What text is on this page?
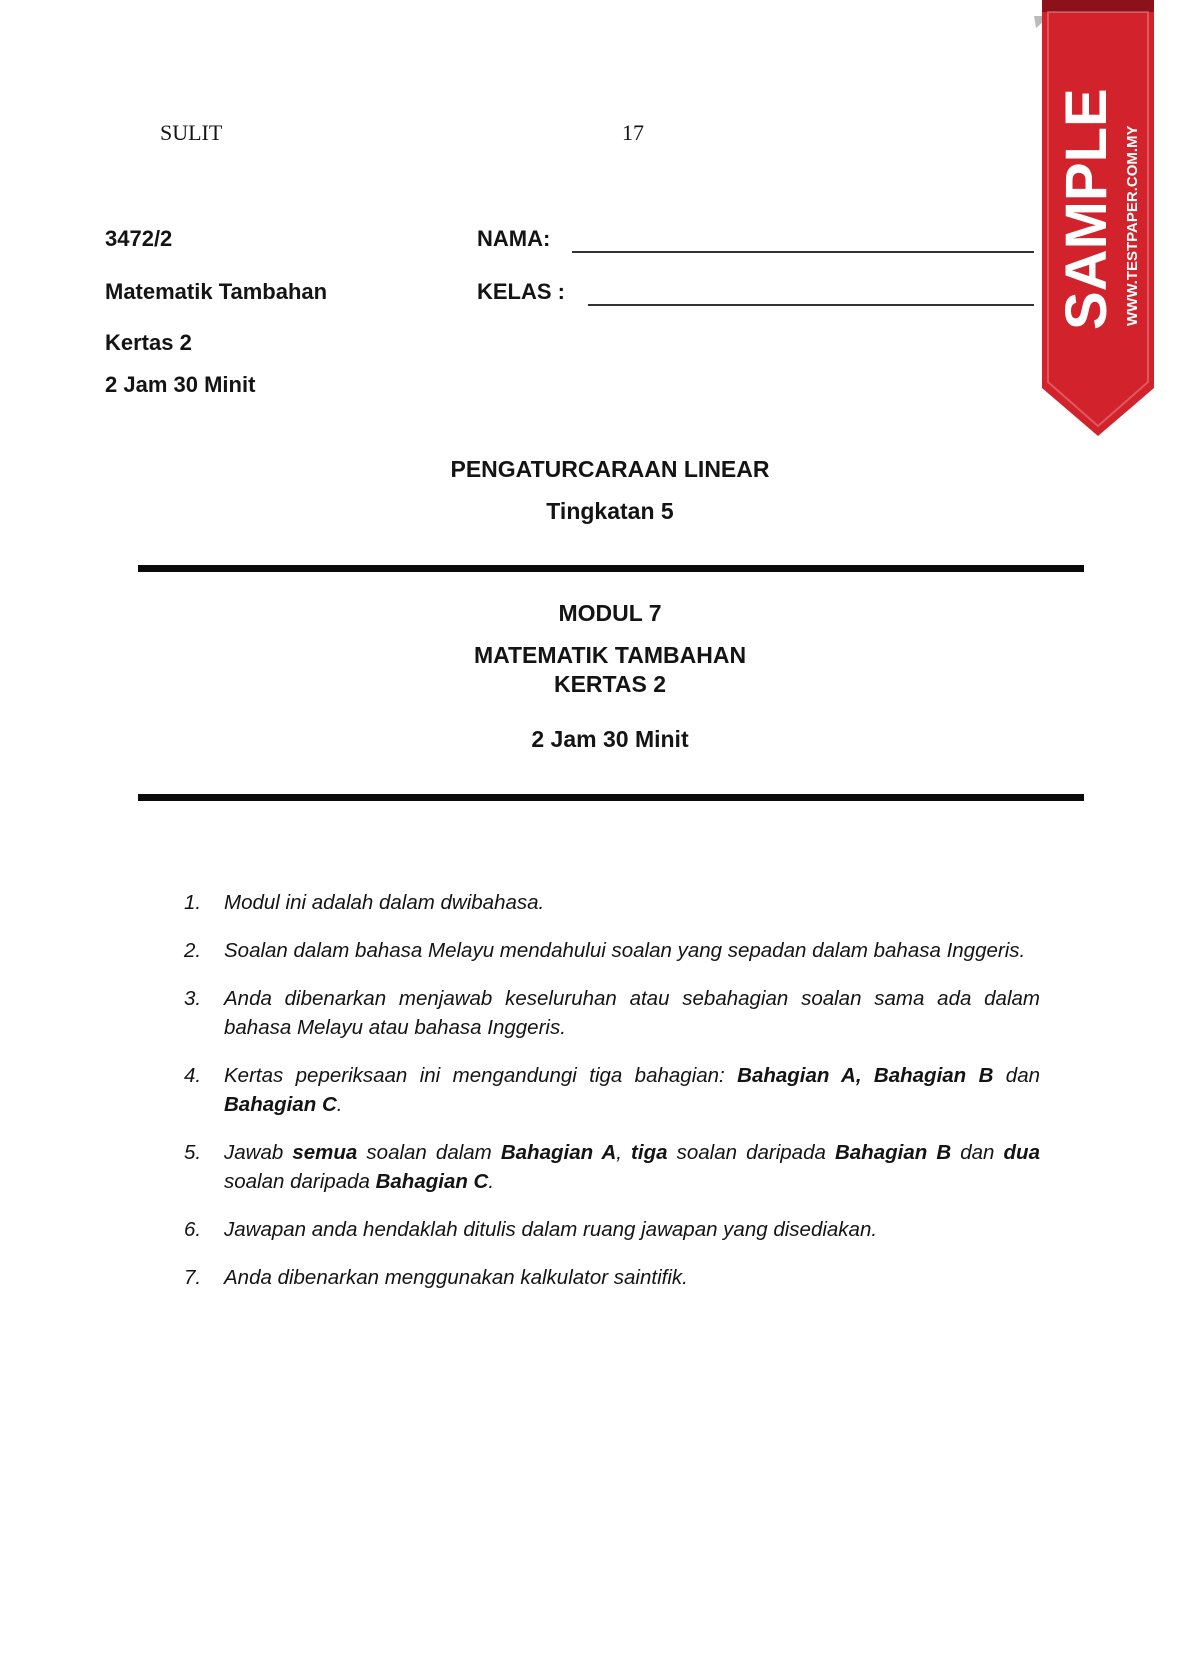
SULIT	17
3472/2
Matematik Tambahan
Kertas 2
2 Jam 30 Minit
NAMA:
KELAS :
PENGATURCARAAN LINEAR
Tingkatan 5
MODUL 7
MATEMATIK TAMBAHAN
KERTAS 2
2 Jam 30 Minit
1.	Modul ini adalah dalam dwibahasa.
2.	Soalan dalam bahasa Melayu mendahului soalan yang sepadan dalam bahasa Inggeris.
3.	Anda dibenarkan menjawab keseluruhan atau sebahagian soalan sama ada dalam bahasa Melayu atau bahasa Inggeris.
4.	Kertas peperiksaan ini mengandungi tiga bahagian: Bahagian A, Bahagian B dan Bahagian C.
5.	Jawab semua soalan dalam Bahagian A, tiga soalan daripada Bahagian B dan dua soalan daripada Bahagian C.
6.	Jawapan anda hendaklah ditulis dalam ruang jawapan yang disediakan.
7.	Anda dibenarkan menggunakan kalkulator saintifik.
SAMPLE WWW.TESTPAPER.COM.MY
